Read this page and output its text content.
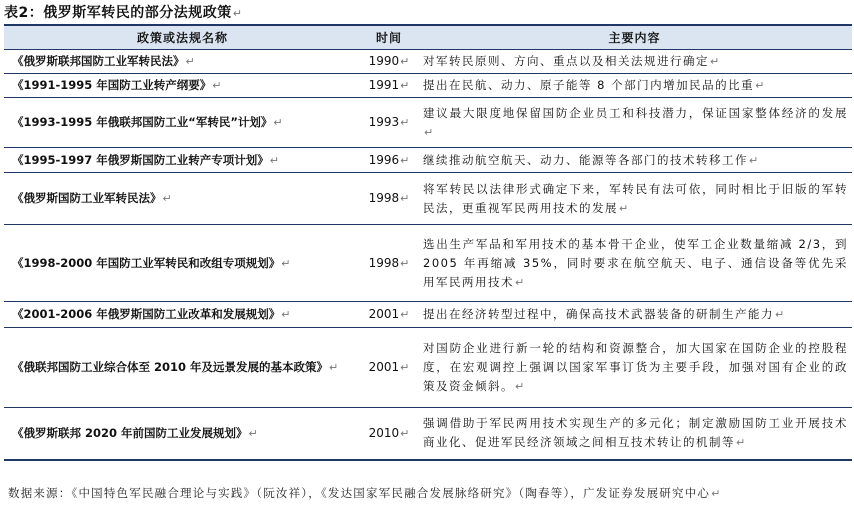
表2：俄罗斯军转民的部分法规政策↵
政策或法规名称	时间	主要内容
《俄罗斯联邦国防工业军转民法》↵	1990↵	对军转民原则、方向、重点以及相关法规进行确定↵
《1991-1995 年国防工业转产纲要》↵	1991↵	提出在民航、动力、原子能等 8 个部门内增加民品的比重↵
《1993-1995 年俄联邦国防工业“军转民”计划》↵	1993↵	建议最大限度地保留国防企业员工和科技潜力，保证国家整体经济的发展↵
《1995-1997 年俄罗斯国防工业转产专项计划》↵	1996↵	继续推动航空航天、动力、能源等各部门的技术转移工作↵
《俄罗斯国防工业军转民法》↵	1998↵	将军转民以法律形式确定下来，军转民有法可依，同时相比于旧版的军转民法，更重视军民两用技术的发展↵
《1998-2000 年国防工业军转民和改组专项规划》↵	1998↵	选出生产军品和军用技术的基本骨干企业，使军工企业数量缩减 2/3，到 2005 年再缩减 35%，同时要求在航空航天、电子、通信设备等优先采用军民两用技术↵
《2001-2006 年俄罗斯国防工业改革和发展规划》↵	2001↵	提出在经济转型过程中，确保高技术武器装备的研制生产能力↵
《俄联邦国防工业综合体至 2010 年及远景发展的基本政策》↵	2001↵	对国防企业进行新一轮的结构和资源整合，加大国家在国防企业的控股程度，在宏观调控上强调以国家军事订货为主要手段，加强对国有企业的政策及资金倾斜。↵
《俄罗斯联邦 2020 年前国防工业发展规划》↵	2010↵	强调借助于军民两用技术实现生产的多元化；制定激励国防工业开展技术商业化、促进军民经济领域之间相互技术转让的机制等↵
数据来源：《中国特色军民融合理论与实践》（阮汝祥），《发达国家军民融合发展脉络研究》（陶春等），广发证券发展研究中心↵
